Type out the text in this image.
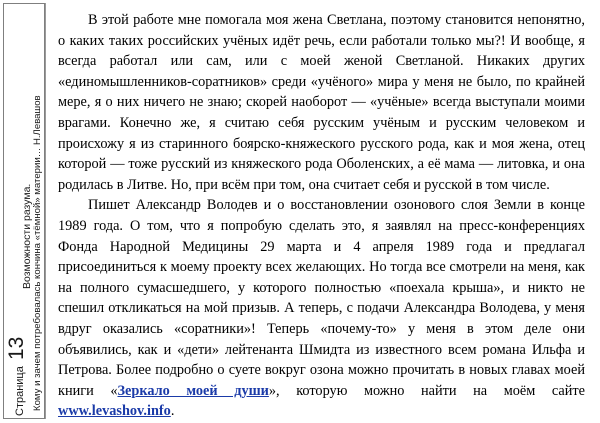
Страница
13
Возможности разума. Кому и зачем потребовалась кончина «тёмной» материи… Н.Левашов

В этой работе мне помогала моя жена Светлана, поэтому становится непонятно, о каких таких российских учёных идёт речь, если работали только мы?! И вообще, я всегда работал или сам, или с моей женой Светланой. Никаких других «единомышленников-соратников» среди «учёного» мира у меня не было, по крайней мере, я о них ничего не знаю; скорей наоборот — «учёные» всегда выступали моими врагами. Конечно же, я считаю себя русским учёным и русским человеком и происхожу я из старинного боярско-княжеского русского рода, как и моя жена, отец которой — тоже русский из княжеского рода Оболенских, а её мама — литовка, и она родилась в Литве. Но, при всём при том, она считает себя и русской в том числе.

Пишет Александр Володев и о восстановлении озонового слоя Земли в конце 1989 года. О том, что я попробую сделать это, я заявлял на пресс-конференциях Фонда Народной Медицины 29 марта и 4 апреля 1989 года и предлагал присоединиться к моему проекту всех желающих. Но тогда все смотрели на меня, как на полного сумасшедшего, у которого полностью «поехала крыша», и никто не спешил откликаться на мой призыв. А теперь, с подачи Александра Володева, у меня вдруг оказались «соратники»! Теперь «почему-то» у меня в этом деле они объявились, как и «дети» лейтенанта Шмидта из известного всем романа Ильфа и Петрова. Более подробно о суете вокруг озона можно прочитать в новых главах моей книги «Зеркало моей души», которую можно найти на моём сайте www.levashov.info.
